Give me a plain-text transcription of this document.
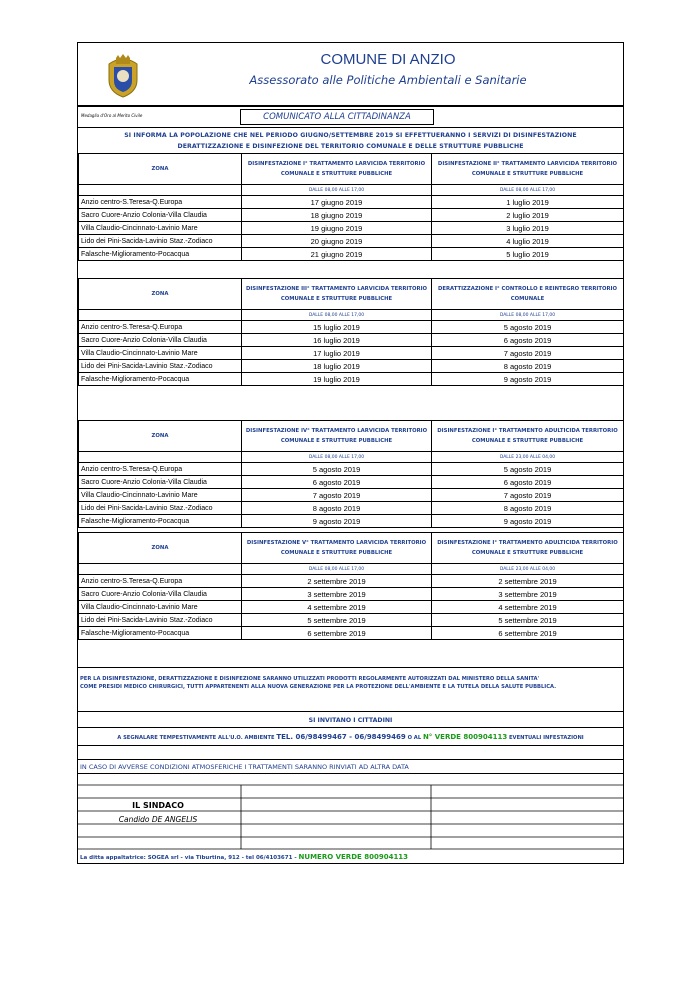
COMUNE DI ANZIO
Assessorato alle Politiche Ambientali e Sanitarie
Medaglia d'Oro al Merito Civile	COMUNICATO ALLA CITTADINANZA
SI INFORMA LA POPOLAZIONE CHE NEL PERIODO GIUGNO/SETTEMBRE 2019 SI EFFETTUERANNO I SERVIZI DI DISINFESTAZIONE
DERATTIZZAZIONE E DISINFEZIONE DEL TERRITORIO COMUNALE E DELLE STRUTTURE PUBBLICHE
ZONA	DISINFESTAZIONE I° TRATTAMENTO LARVICIDA TERRITORIO COMUNALE E STRUTTURE PUBBLICHE	DISINFESTAZIONE II° TRATTAMENTO LARVICIDA TERRITORIO COMUNALE E STRUTTURE PUBBLICHE
	DALLE 08,00 ALLE 17,00	DALLE 08,00 ALLE 17,00
Anzio centro-S.Teresa-Q.Europa	17 giugno 2019	1 luglio 2019
Sacro Cuore-Anzio Colonia-Villa Claudia	18 giugno 2019	2 luglio 2019
Villa Claudio-Cincinnato-Lavinio Mare	19 giugno 2019	3 luglio 2019
Lido dei Pini-Sacida-Lavinio Staz.-Zodiaco	20 giugno 2019	4 luglio 2019
Falasche-Miglioramento-Pocacqua	21 giugno 2019	5 luglio 2019
ZONA	DISINFESTAZIONE III° TRATTAMENTO LARVICIDA TERRITORIO COMUNALE E STRUTTURE PUBBLICHE	DERATTIZZAZIONE I° CONTROLLO E REINTEGRO TERRITORIO COMUNALE
	DALLE 08,00 ALLE 17,00	DALLE 08,00 ALLE 17,00
Anzio centro-S.Teresa-Q.Europa	15 luglio 2019	5 agosto 2019
Sacro Cuore-Anzio Colonia-Villa Claudia	16 luglio 2019	6 agosto 2019
Villa Claudio-Cincinnato-Lavinio Mare	17 luglio 2019	7 agosto 2019
Lido dei Pini-Sacida-Lavinio Staz.-Zodiaco	18 luglio 2019	8 agosto 2019
Falasche-Miglioramento-Pocacqua	19 luglio 2019	9 agosto 2019
ZONA	DISINFESTAZIONE IV° TRATTAMENTO LARVICIDA TERRITORIO COMUNALE E STRUTTURE PUBBLICHE	DISINFESTAZIONE I° TRATTAMENTO ADULTICIDA TERRITORIO COMUNALE E STRUTTURE PUBBLICHE
	DALLE 08,00 ALLE 17,00	DALLE 23,00 ALLE 04,00
Anzio centro-S.Teresa-Q.Europa	5 agosto 2019	5 agosto 2019
Sacro Cuore-Anzio Colonia-Villa Claudia	6 agosto 2019	6 agosto 2019
Villa Claudio-Cincinnato-Lavinio Mare	7 agosto 2019	7 agosto 2019
Lido dei Pini-Sacida-Lavinio Staz.-Zodiaco	8 agosto 2019	8 agosto 2019
Falasche-Miglioramento-Pocacqua	9 agosto 2019	9 agosto 2019
ZONA	DISINFESTAZIONE V° TRATTAMENTO LARVICIDA TERRITORIO COMUNALE E STRUTTURE PUBBLICHE	DISINFESTAZIONE I° TRATTAMENTO ADULTICIDA TERRITORIO COMUNALE E STRUTTURE PUBBLICHE
	DALLE 08,00 ALLE 17,00	DALLE 23,00 ALLE 04,00
Anzio centro-S.Teresa-Q.Europa	2 settembre 2019	2 settembre 2019
Sacro Cuore-Anzio Colonia-Villa Claudia	3 settembre 2019	3 settembre 2019
Villa Claudio-Cincinnato-Lavinio Mare	4 settembre 2019	4 settembre 2019
Lido dei Pini-Sacida-Lavinio Staz.-Zodiaco	5 settembre 2019	5 settembre 2019
Falasche-Miglioramento-Pocacqua	6 settembre 2019	6 settembre 2019
PER LA DISINFESTAZIONE, DERATTIZZAZIONE E DISINFEZIONE SARANNO UTILIZZATI PRODOTTI REGOLARMENTE AUTORIZZATI DAL MINISTERO DELLA SANITA'
COME PRESIDI MEDICO CHIRURGICI, TUTTI APPARTENENTI ALLA NUOVA GENERAZIONE PER LA PROTEZIONE DELL'AMBIENTE E LA TUTELA DELLA SALUTE PUBBLICA.
SI INVITANO I CITTADINI
A SEGNALARE TEMPESTIVAMENTE ALL'U.O. AMBIENTE TEL. 06/98499467 - 06/98499469 O AL N° VERDE 800904113 EVENTUALI INFESTAZIONI
IN CASO DI AVVERSE CONDIZIONI ATMOSFERICHE I TRATTAMENTI SARANNO RINVIATI AD ALTRA DATA
IL SINDACO
Candido DE ANGELIS
La ditta appaltatrice: SOGEA srl - via Tiburtina, 912 - tel 06/4103671 - NUMERO VERDE 800904113
